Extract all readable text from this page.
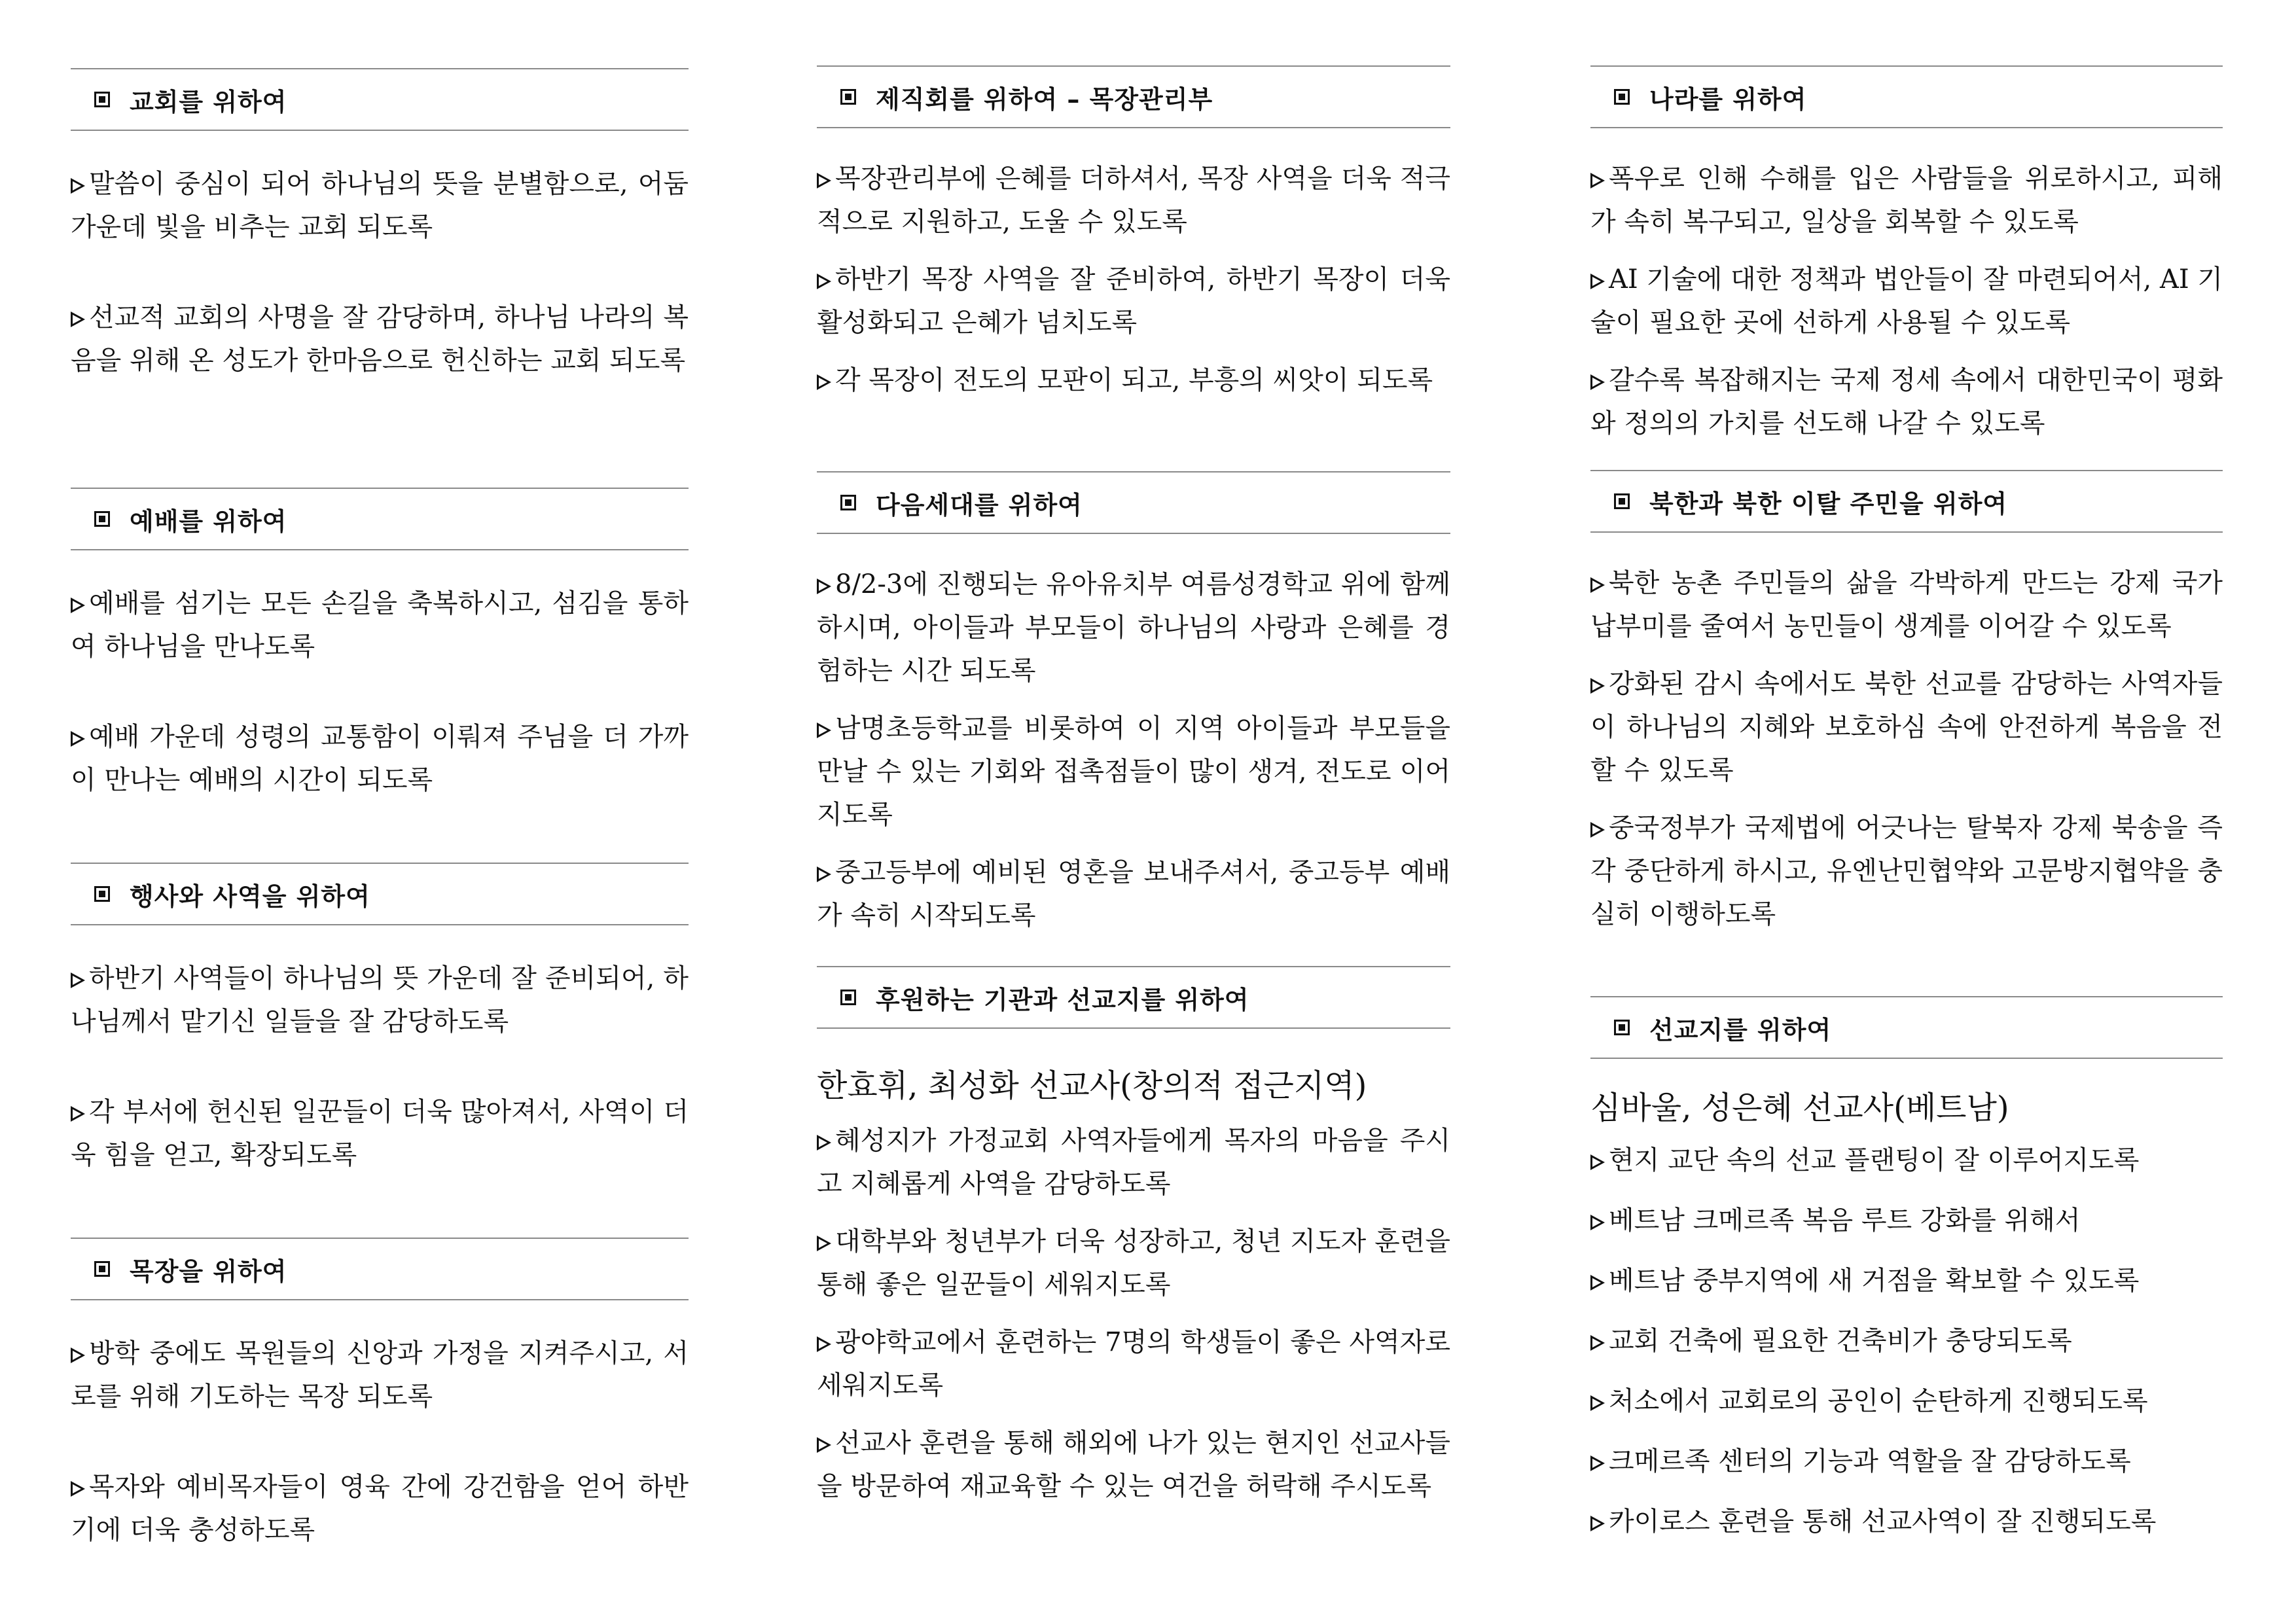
교회를 위하여

말씀이 중심이 되어 하나님의 뜻을 분별함으로, 어둠 가운데 빛을 비추는 교회 되도록

선교적 교회의 사명을 잘 감당하며, 하나님 나라의 복음을 위해 온 성도가 한마음으로 헌신하는 교회 되도록

예배를 위하여

예배를 섬기는 모든 손길을 축복하시고, 섬김을 통하여 하나님을 만나도록

예배 가운데 성령의 교통함이 이뤄져 주님을 더 가까이 만나는 예배의 시간이 되도록

행사와 사역을 위하여

하반기 사역들이 하나님의 뜻 가운데 잘 준비되어, 하나님께서 맡기신 일들을 잘 감당하도록

각 부서에 헌신된 일꾼들이 더욱 많아져서, 사역이 더욱 힘을 얻고, 확장되도록

목장을 위하여

방학 중에도 목원들의 신앙과 가정을 지켜주시고, 서로를 위해 기도하는 목장 되도록

목자와 예비목자들이 영육 간에 강건함을 얻어 하반기에 더욱 충성하도록

제직회를 위하여 – 목장관리부

목장관리부에 은혜를 더하셔서, 목장 사역을 더욱 적극적으로 지원하고, 도울 수 있도록

하반기 목장 사역을 잘 준비하여, 하반기 목장이 더욱 활성화되고 은혜가 넘치도록

각 목장이 전도의 모판이 되고, 부흥의 씨앗이 되도록

다음세대를 위하여

8/2-3에 진행되는 유아유치부 여름성경학교 위에 함께 하시며, 아이들과 부모들이 하나님의 사랑과 은혜를 경험하는 시간 되도록

남명초등학교를 비롯하여 이 지역 아이들과 부모들을 만날 수 있는 기회와 접촉점들이 많이 생겨, 전도로 이어지도록

중고등부에 예비된 영혼을 보내주셔서, 중고등부 예배가 속히 시작되도록

후원하는 기관과 선교지를 위하여

한효휘, 최성화 선교사(창의적 접근지역)

혜성지가 가정교회 사역자들에게 목자의 마음을 주시고 지혜롭게 사역을 감당하도록

대학부와 청년부가 더욱 성장하고, 청년 지도자 훈련을 통해 좋은 일꾼들이 세워지도록

광야학교에서 훈련하는 7명의 학생들이 좋은 사역자로 세워지도록

선교사 훈련을 통해 해외에 나가 있는 현지인 선교사들을 방문하여 재교육할 수 있는 여건을 허락해 주시도록

나라를 위하여

폭우로 인해 수해를 입은 사람들을 위로하시고, 피해가 속히 복구되고, 일상을 회복할 수 있도록

AI 기술에 대한 정책과 법안들이 잘 마련되어서, AI 기술이 필요한 곳에 선하게 사용될 수 있도록

갈수록 복잡해지는 국제 정세 속에서 대한민국이 평화와 정의의 가치를 선도해 나갈 수 있도록

북한과 북한 이탈 주민을 위하여

북한 농촌 주민들의 삶을 각박하게 만드는 강제 국가납부미를 줄여서 농민들이 생계를 이어갈 수 있도록

강화된 감시 속에서도 북한 선교를 감당하는 사역자들이 하나님의 지혜와 보호하심 속에 안전하게 복음을 전할 수 있도록

중국정부가 국제법에 어긋나는 탈북자 강제 북송을 즉각 중단하게 하시고, 유엔난민협약와 고문방지협약을 충실히 이행하도록

선교지를 위하여

심바울, 성은혜 선교사(베트남)

현지 교단 속의 선교 플랜팅이 잘 이루어지도록

베트남 크메르족 복음 루트 강화를 위해서

베트남 중부지역에 새 거점을 확보할 수 있도록

교회 건축에 필요한 건축비가 충당되도록

처소에서 교회로의 공인이 순탄하게 진행되도록

크메르족 센터의 기능과 역할을 잘 감당하도록

카이로스 훈련을 통해 선교사역이 잘 진행되도록
